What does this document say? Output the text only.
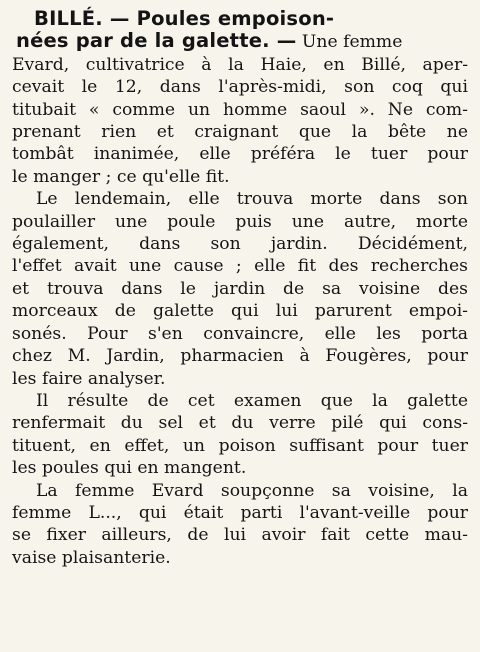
BILLÉ. — Poules empoison-
nées par de la galette. — Une femme
Evard, cultivatrice à la Haie, en Billé, aper-
cevait le 12, dans l'après-midi, son coq qui
titubait « comme un homme saoul ». Ne com-
prenant rien et craignant que la bête ne
tombât inanimée, elle préféra le tuer pour
le manger ; ce qu'elle fit.
Le lendemain, elle trouva morte dans son
poulailler une poule puis une autre, morte
également, dans son jardin. Décidément,
l'effet avait une cause ; elle fit des recherches
et trouva dans le jardin de sa voisine des
morceaux de galette qui lui parurent empoi-
sonés. Pour s'en convaincre, elle les porta
chez M. Jardin, pharmacien à Fougères, pour
les faire analyser.
Il résulte de cet examen que la galette
renfermait du sel et du verre pilé qui cons-
tituent, en effet, un poison suffisant pour tuer
les poules qui en mangent.
La femme Evard soupçonne sa voisine, la
femme L..., qui était parti l'avant-veille pour
se fixer ailleurs, de lui avoir fait cette mau-
vaise plaisanterie.
